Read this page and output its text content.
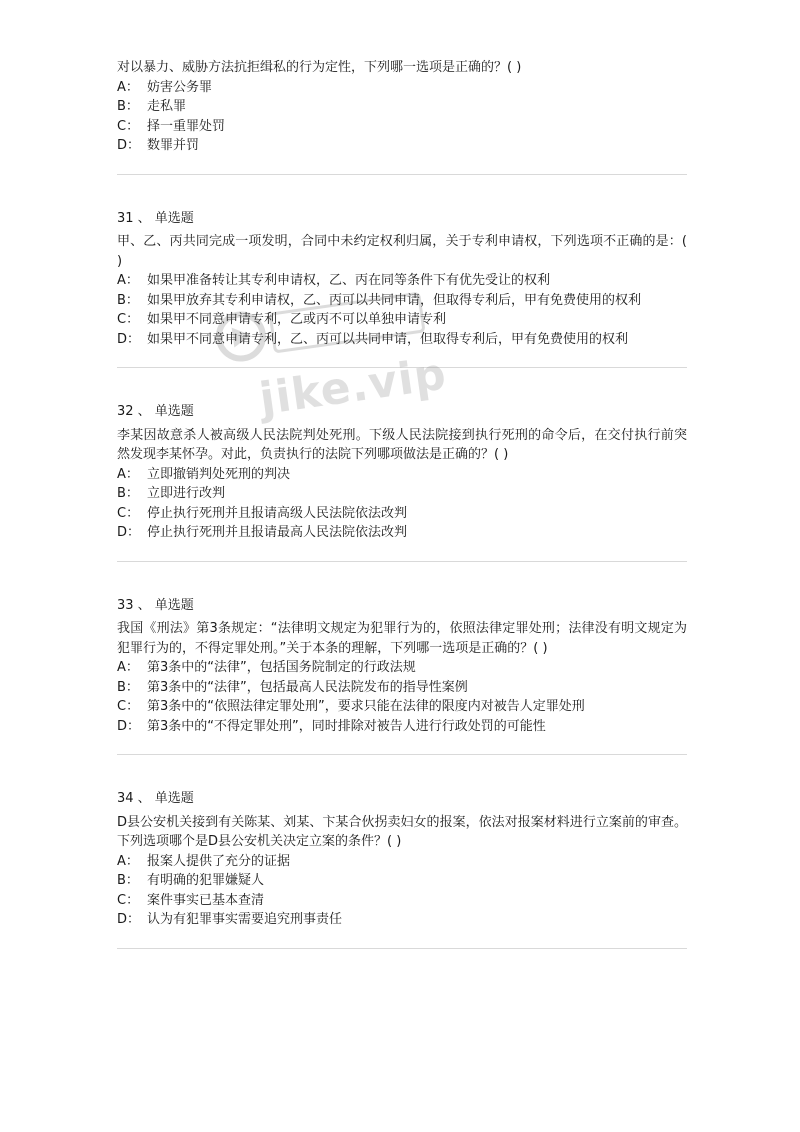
对以暴力、威胁方法抗拒缉私的行为定性，下列哪一选项是正确的？( )

A： 妨害公务罪

B： 走私罪

C： 择一重罪处罚

D： 数罪并罚

31 、 单选题

甲、乙、丙共同完成一项发明，合同中未约定权利归属，关于专利申请权，下列选项不正确的是：( )

A： 如果甲准备转让其专利申请权，乙、丙在同等条件下有优先受让的权利

B： 如果甲放弃其专利申请权，乙、丙可以共同申请，但取得专利后，甲有免费使用的权利

C： 如果甲不同意申请专利，乙或丙不可以单独申请专利

D： 如果甲不同意申请专利，乙、丙可以共同申请，但取得专利后，甲有免费使用的权利

32 、 单选题

李某因故意杀人被高级人民法院判处死刑。下级人民法院接到执行死刑的命令后，在交付执行前突然发现李某怀孕。对此，负责执行的法院下列哪项做法是正确的？( )

A： 立即撤销判处死刑的判决

B： 立即进行改判

C： 停止执行死刑并且报请高级人民法院依法改判

D： 停止执行死刑并且报请最高人民法院依法改判

33 、 单选题

我国《刑法》第3条规定：“法律明文规定为犯罪行为的，依照法律定罪处刑；法律没有明文规定为犯罪行为的，不得定罪处刑。”关于本条的理解，下列哪一选项是正确的？( )

A： 第3条中的“法律”，包括国务院制定的行政法规

B： 第3条中的“法律”，包括最高人民法院发布的指导性案例

C： 第3条中的“依照法律定罪处刑”，要求只能在法律的限度内对被告人定罪处刑

D： 第3条中的“不得定罪处刑”，同时排除对被告人进行行政处罚的可能性

34 、 单选题

D县公安机关接到有关陈某、刘某、卞某合伙拐卖妇女的报案，依法对报案材料进行立案前的审查。下列选项哪个是D县公安机关决定立案的条件？( )

A： 报案人提供了充分的证据

B： 有明确的犯罪嫌疑人

C： 案件事实已基本查清

D： 认为有犯罪事实需要追究刑事责任

jike.vip
